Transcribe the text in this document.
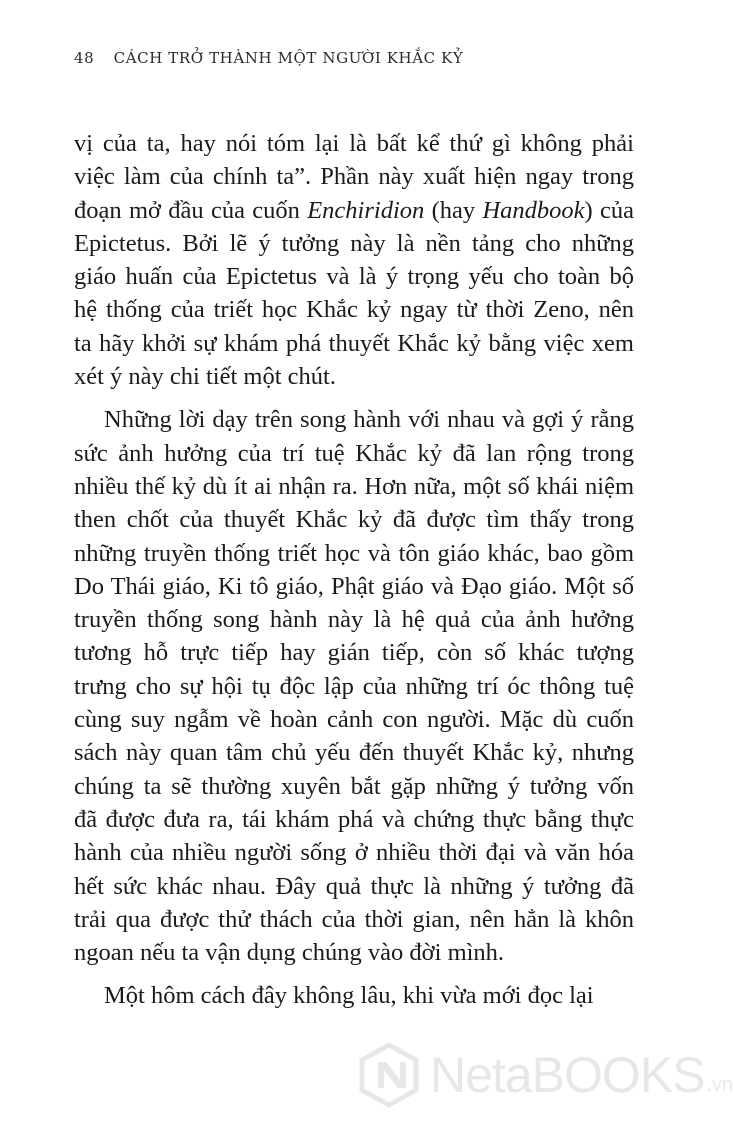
48 CÁCH TRỞ THÀNH MỘT NGƯỜI KHẮC KỶ
vị của ta, hay nói tóm lại là bất kể thứ gì không phải
việc làm của chính ta”. Phần này xuất hiện ngay trong
đoạn mở đầu của cuốn Enchiridion (hay Handbook) của
Epictetus. Bởi lẽ ý tưởng này là nền tảng cho những
giáo huấn của Epictetus và là ý trọng yếu cho toàn bộ
hệ thống của triết học Khắc kỷ ngay từ thời Zeno, nên
ta hãy khởi sự khám phá thuyết Khắc kỷ bằng việc xem
xét ý này chi tiết một chút.
Những lời dạy trên song hành với nhau và gợi ý rằng
sức ảnh hưởng của trí tuệ Khắc kỷ đã lan rộng trong
nhiều thế kỷ dù ít ai nhận ra. Hơn nữa, một số khái niệm
then chốt của thuyết Khắc kỷ đã được tìm thấy trong
những truyền thống triết học và tôn giáo khác, bao gồm
Do Thái giáo, Ki tô giáo, Phật giáo và Đạo giáo. Một số
truyền thống song hành này là hệ quả của ảnh hưởng
tương hỗ trực tiếp hay gián tiếp, còn số khác tượng
trưng cho sự hội tụ độc lập của những trí óc thông tuệ
cùng suy ngẫm về hoàn cảnh con người. Mặc dù cuốn
sách này quan tâm chủ yếu đến thuyết Khắc kỷ, nhưng
chúng ta sẽ thường xuyên bắt gặp những ý tưởng vốn
đã được đưa ra, tái khám phá và chứng thực bằng thực
hành của nhiều người sống ở nhiều thời đại và văn hóa
hết sức khác nhau. Đây quả thực là những ý tưởng đã
trải qua được thử thách của thời gian, nên hẳn là khôn
ngoan nếu ta vận dụng chúng vào đời mình.
Một hôm cách đây không lâu, khi vừa mới đọc lại
NetaBOOKS .vn
